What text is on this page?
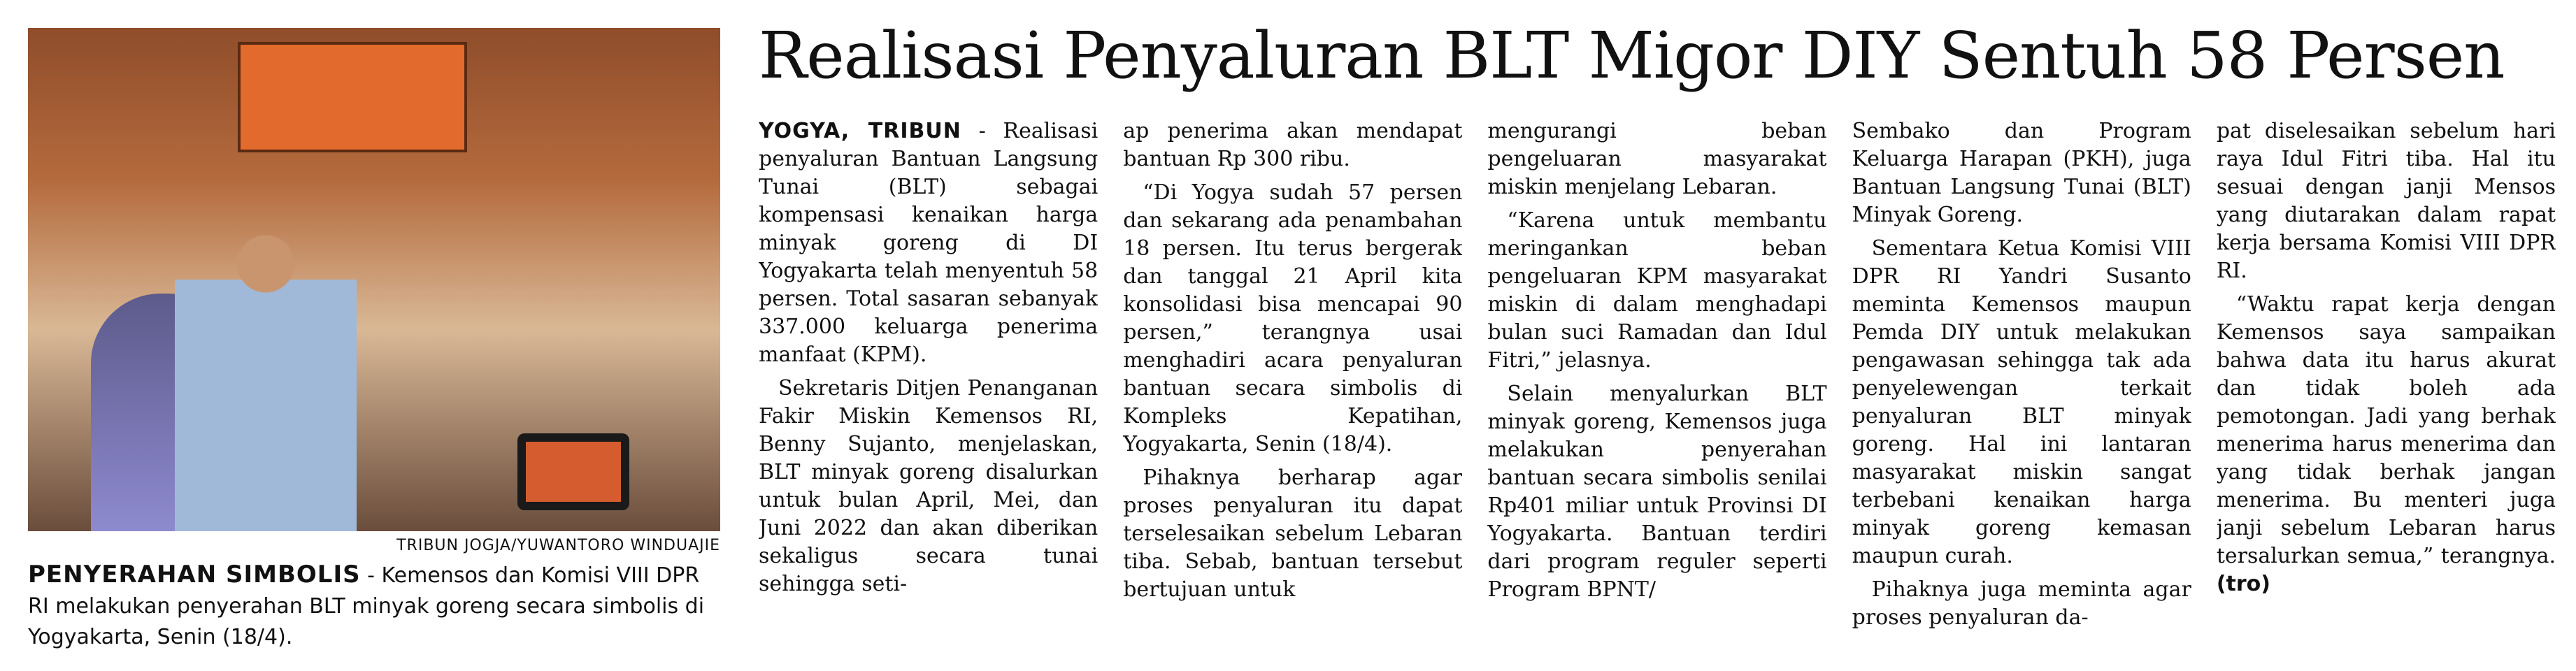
TRIBUN JOGJA/YUWANTORO WINDUAJIE
PENYERAHAN SIMBOLIS - Kemensos dan Komisi VIII DPR RI melakukan penyerahan BLT minyak goreng secara simbolis di Yogyakarta, Senin (18/4).
Realisasi Penyaluran BLT Migor DIY Sentuh 58 Persen

YOGYA, TRIBUN - Realisasi penyaluran Bantuan Langsung Tunai (BLT) sebagai kompensasi kenaikan harga minyak goreng di DI Yogyakarta telah menyentuh 58 persen. Total sasaran sebanyak 337.000 keluarga penerima manfaat (KPM).

Sekretaris Ditjen Penanganan Fakir Miskin Kemensos RI, Benny Sujanto, menjelaskan, BLT minyak goreng disalurkan untuk bulan April, Mei, dan Juni 2022 dan akan diberikan sekaligus secara tunai sehingga seti-

ap penerima akan mendapat bantuan Rp 300 ribu.

“Di Yogya sudah 57 persen dan sekarang ada penambahan 18 persen. Itu terus bergerak dan tanggal 21 April kita konsolidasi bisa mencapai 90 persen,” terangnya usai menghadiri acara penyaluran bantuan secara simbolis di Kompleks Kepatihan, Yogyakarta, Senin (18/4).

Pihaknya berharap agar proses penyaluran itu dapat terselesaikan sebelum Lebaran tiba. Sebab, bantuan tersebut bertujuan untuk

mengurangi beban pengeluaran masyarakat miskin menjelang Lebaran.

“Karena untuk membantu meringankan beban pengeluaran KPM masyarakat miskin di dalam menghadapi bulan suci Ramadan dan Idul Fitri,” jelasnya.

Selain menyalurkan BLT minyak goreng, Kemensos juga melakukan penyerahan bantuan secara simbolis senilai Rp401 miliar untuk Provinsi DI Yogyakarta. Bantuan terdiri dari program reguler seperti Program BPNT/

Sembako dan Program Keluarga Harapan (PKH), juga Bantuan Langsung Tunai (BLT) Minyak Goreng.

Sementara Ketua Komisi VIII DPR RI Yandri Susanto meminta Kemensos maupun Pemda DIY untuk melakukan pengawasan sehingga tak ada penyelewengan terkait penyaluran BLT minyak goreng. Hal ini lantaran masyarakat miskin sangat terbebani kenaikan harga minyak goreng kemasan maupun curah.

Pihaknya juga meminta agar proses penyaluran da-

pat diselesaikan sebelum hari raya Idul Fitri tiba. Hal itu sesuai dengan janji Mensos yang diutarakan dalam rapat kerja bersama Komisi VIII DPR RI.

“Waktu rapat kerja dengan Kemensos saya sampaikan bahwa data itu harus akurat dan tidak boleh ada pemotongan. Jadi yang berhak menerima harus menerima dan yang tidak berhak jangan menerima. Bu menteri juga janji sebelum Lebaran harus tersalurkan semua,” terangnya. (tro)
